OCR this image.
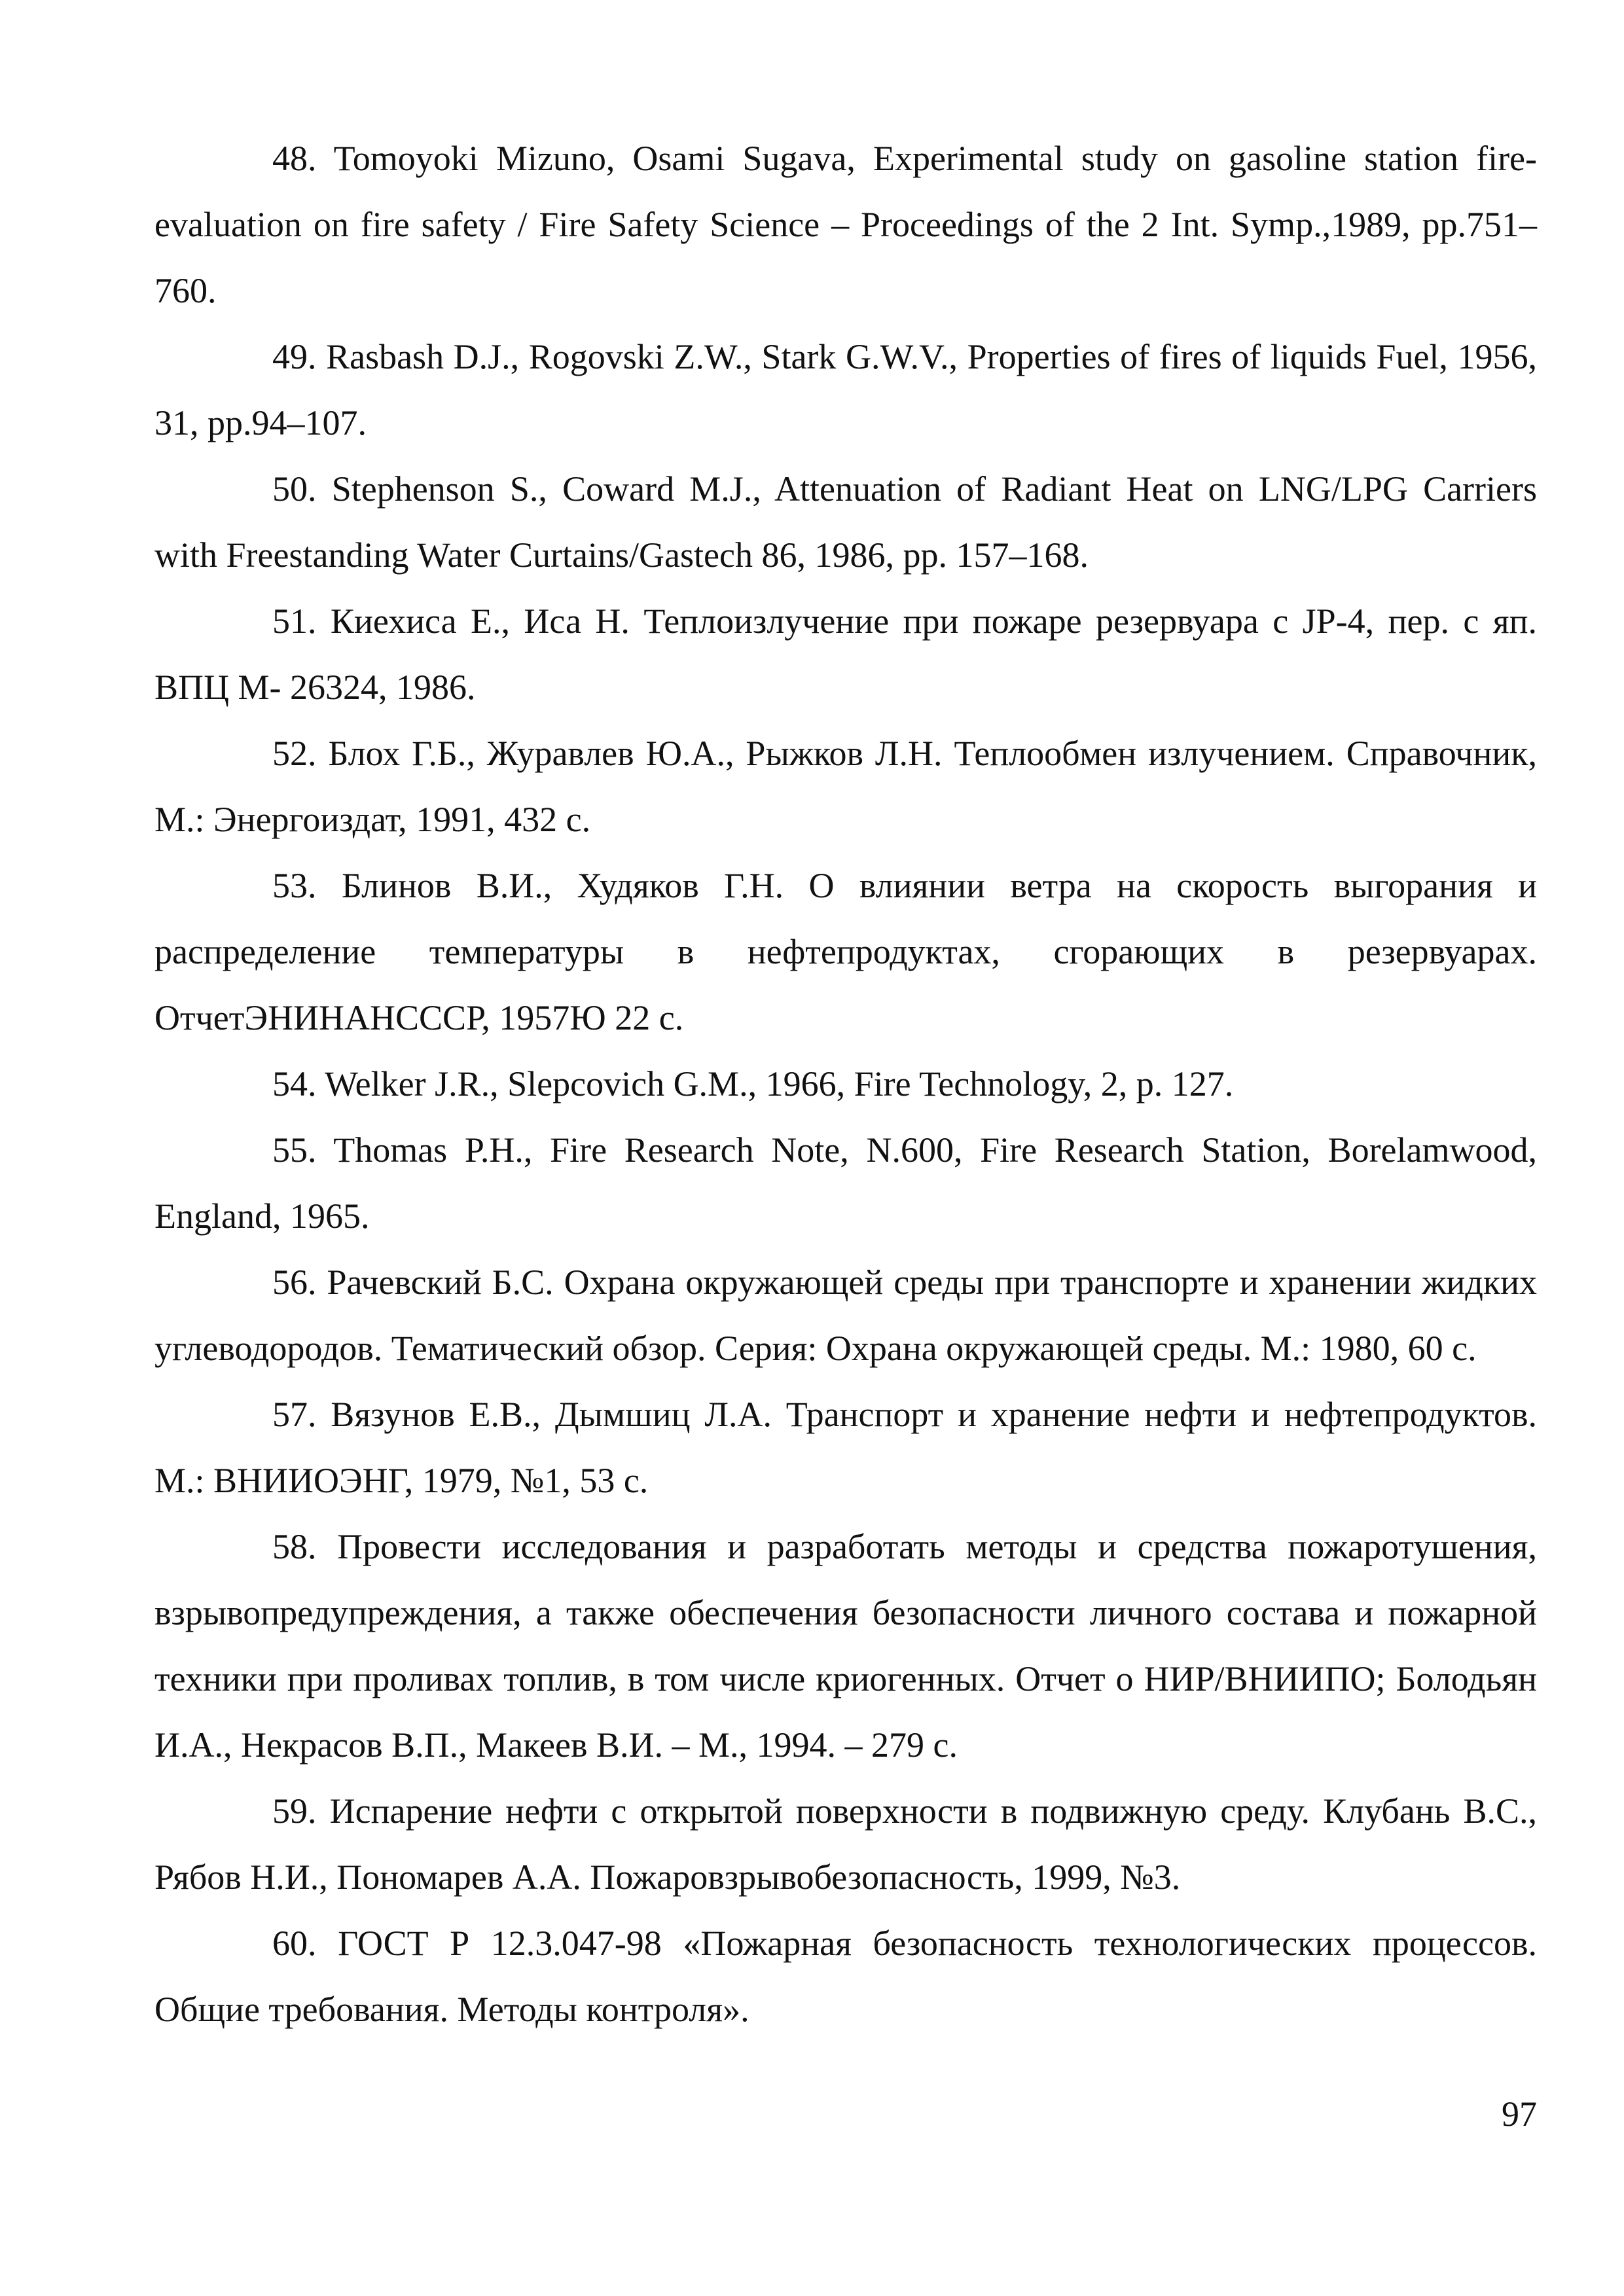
48. Tomoyoki Mizuno, Osami Sugava, Experimental study on gasoline station fire-evaluation on fire safety / Fire Safety Science – Proceedings of the 2 Int. Symp.,1989, pp.751–760.

49. Rasbash D.J., Rogovski Z.W., Stark G.W.V., Properties of fires of liquids Fuel, 1956, 31, pp.94–107.

50. Stephenson S., Coward M.J., Attenuation of Radiant Heat on LNG/LPG Carriers with Freestanding Water Curtains/Gastech 86, 1986, pp. 157–168.

51. Киехиса Е., Иса Н. Теплоизлучение при пожаре резервуара с JP-4, пер. с яп. ВПЦ М- 26324, 1986.

52. Блох Г.Б., Журавлев Ю.А., Рыжков Л.Н. Теплообмен излучением. Справочник, М.: Энергоиздат, 1991, 432 с.

53. Блинов В.И., Худяков Г.Н. О влиянии ветра на скорость выгорания и распределение температуры в нефтепродуктах, сгорающих в резервуарах. ОтчетЭНИНАНСССР, 1957Ю 22 с.

54. Welker J.R., Slepcovich G.M., 1966, Fire Technology, 2, p. 127.

55. Thomas P.H., Fire Research Note, N.600, Fire Research Station, Borelamwood, England, 1965.

56. Рачевский Б.С. Охрана окружающей среды при транспорте и хранении жидких углеводородов. Тематический обзор. Серия: Охрана окружающей среды. М.: 1980, 60 с.

57. Вязунов Е.В., Дымшиц Л.А. Транспорт и хранение нефти и нефтепродуктов. М.: ВНИИОЭНГ, 1979, №1, 53 с.

58. Провести исследования и разработать методы и средства пожаротушения, взрывопредупреждения, а также обеспечения безопасности личного состава и пожарной техники при проливах топлив, в том числе криогенных. Отчет о НИР/ВНИИПО; Болодьян И.А., Некрасов В.П., Макеев В.И. – М., 1994. – 279 с.

59. Испарение нефти с открытой поверхности в подвижную среду. Клубань В.С., Рябов Н.И., Пономарев А.А. Пожаровзрывобезопасность, 1999, №3.

60. ГОСТ Р 12.3.047-98 «Пожарная безопасность технологических процессов. Общие требования. Методы контроля».

97
